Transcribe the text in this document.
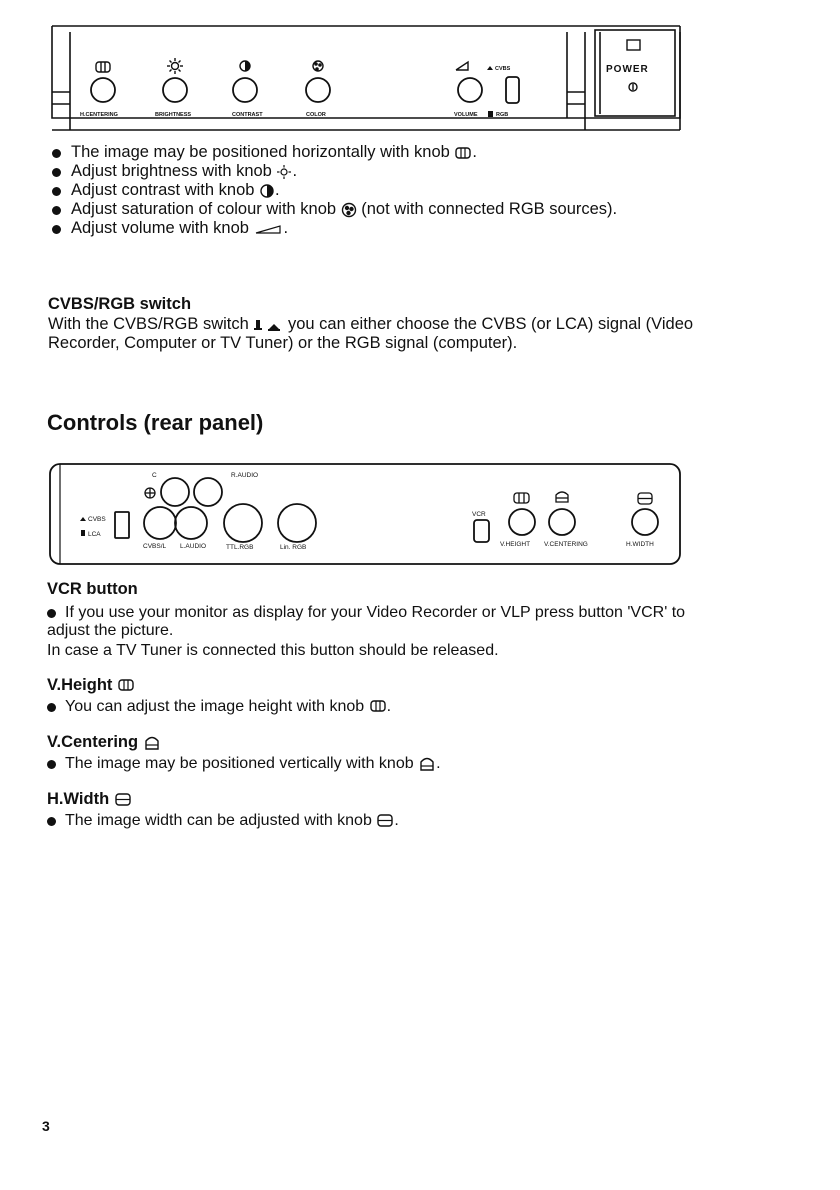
H.CENTERING	BRIGHTNESS	CONTRAST	COLOR	VOLUME	RGB
CVBS	POWER
The image may be positioned horizontally with knob .
Adjust brightness with knob .
Adjust contrast with knob .
Adjust saturation of colour with knob (not with connected RGB sources).
Adjust volume with knob .
CVBS/RGB switch
With the CVBS/RGB switch you can either choose the CVBS (or LCA) signal (Video
Recorder, Computer or TV Tuner) or the RGB signal (computer).
Controls (rear panel)
C	R.AUDIO
CVBS
LCA
CVBS/L L.AUDIO	TTL.RGB	Lin. RGB
VCR
V.HEIGHT V.CENTERING	H.WIDTH
VCR button
If you use your monitor as display for your Video Recorder or VLP press button 'VCR' to
adjust the picture.
In case a TV Tuner is connected this button should be released.
V.Height
You can adjust the image height with knob .
V.Centering
The image may be positioned vertically with knob .
H.Width
The image width can be adjusted with knob .
3
